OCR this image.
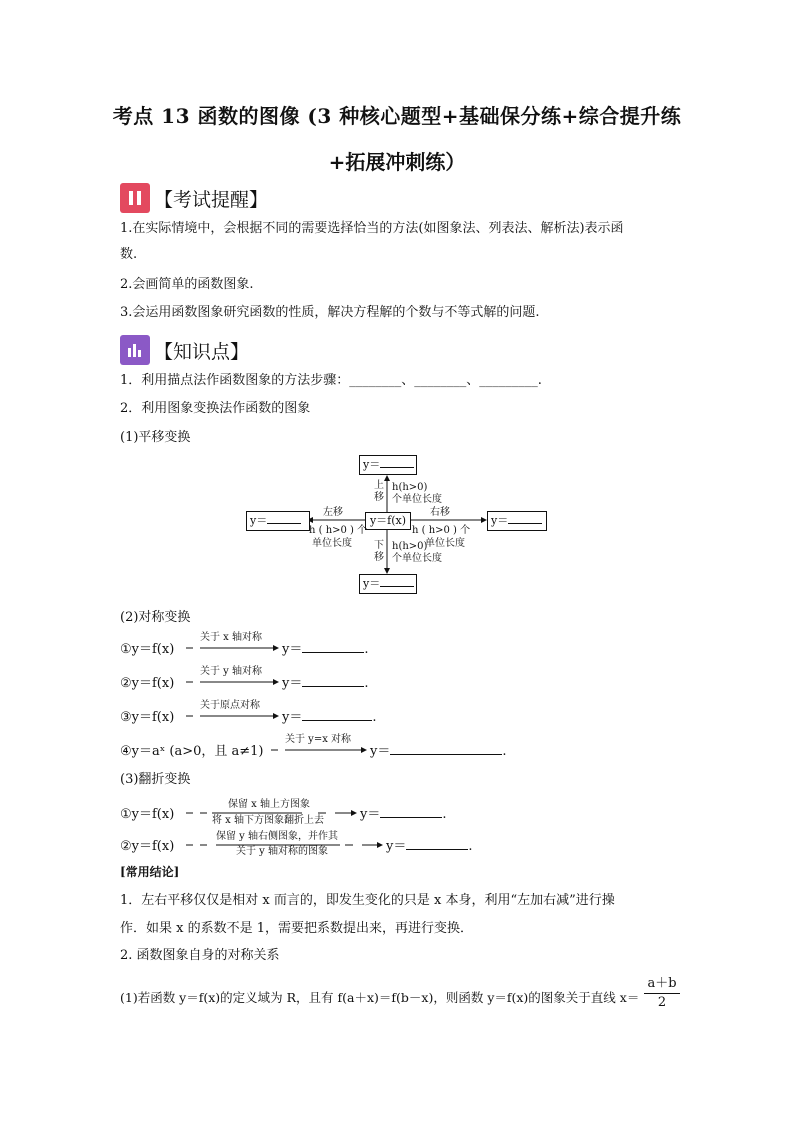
考点 13 函数的图像 (3 种核心题型+基础保分练+综合提升练
+拓展冲刺练）
【考试提醒】
1.在实际情境中，会根据不同的需要选择恰当的方法(如图象法、列表法、解析法)表示函
数.
2.会画简单的函数图象.
3.会运用函数图象研究函数的性质，解决方程解的个数与不等式解的问题.
【知识点】
1．利用描点法作函数图象的方法步骤：________、________、_________.
2．利用图象变换法作函数的图象
(1)平移变换
y＝
y＝
y＝	y＝
y＝f(x)
上
移
h(h>0)
个单位长度
下
移
h(h>0)
个单位长度
左移
h ( h>0 ) 个
单位长度
右移
h ( h>0 ) 个
单位长度
(2)对称变换
①y＝f(x)
关于 x 轴对称
y＝	.
②y＝f(x)
关于 y 轴对称
y＝	.
③y＝f(x)
关于原点对称
y＝	.
④y＝aˣ (a>0，且 a≠1)
关于 y=x 对称
y＝	.
(3)翻折变换
①y＝f(x)
保留 x 轴上方图象
将 x 轴下方图象翻折上去	y＝	.
②y＝f(x)
保留 y 轴右侧图象，并作其
关于 y 轴对称的图象	y＝	.
[常用结论]
1．左右平移仅仅是相对 x 而言的，即发生变化的只是 x 本身，利用“左加右减”进行操
作．如果 x 的系数不是 1，需要把系数提出来，再进行变换．
2. 函数图象自身的对称关系
(1)若函数 y＝f(x)的定义域为 R，且有 f(a＋x)＝f(b－x)，则函数 y＝f(x)的图象关于直线 $x= \frac{a+b}{2}$
